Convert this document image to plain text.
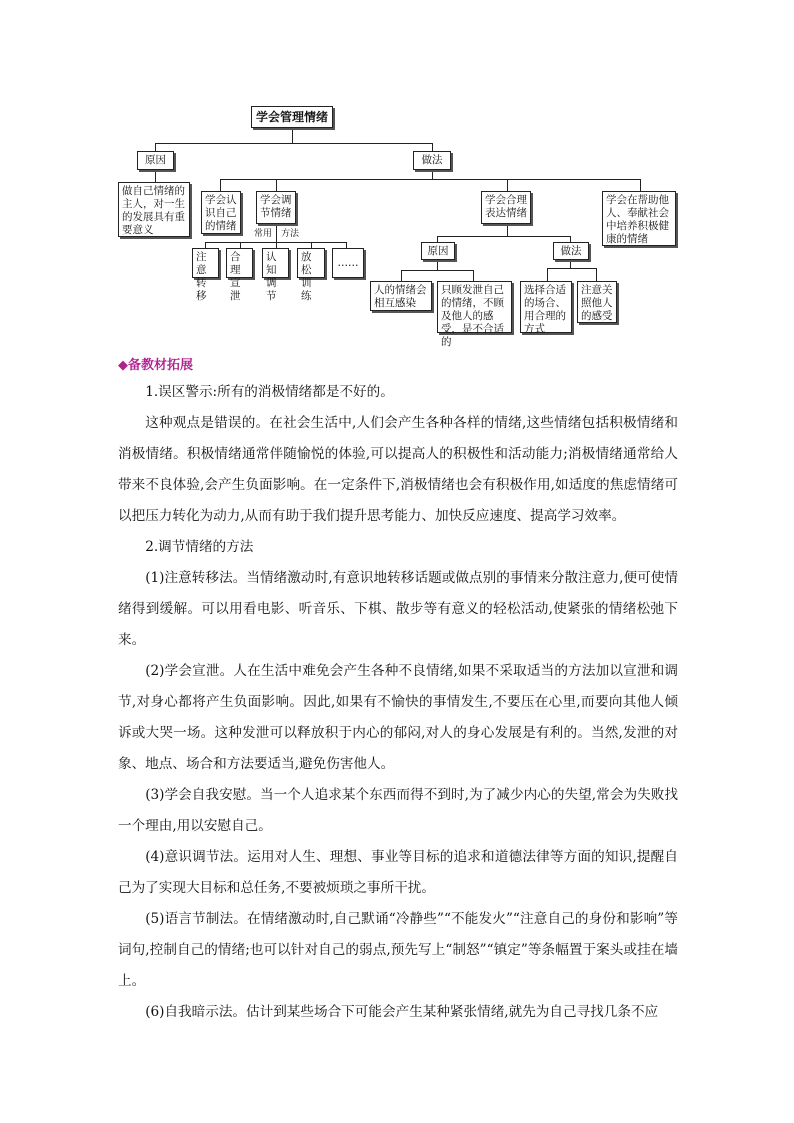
学会管理情绪
原因
做自己情绪的主人，对一生的发展具有重要意义
做法
学会认识自己的情绪
学会调节情绪
常用 方法
注意转移
合理宣泄
认知调节
放松训练
……
学会合理表达情绪
学会在帮助他人、奉献社会中培养积极健康的情绪
原因	做法
人的情绪会相互感染
只顾发泄自己的情绪，不顾及他人的感受，是不合适的
选择合适的场合、用合理的方式
注意关照他人的感受
◆备教材拓展

1.误区警示:所有的消极情绪都是不好的。

这种观点是错误的。在社会生活中,人们会产生各种各样的情绪,这些情绪包括积极情绪和消极情绪。积极情绪通常伴随愉悦的体验,可以提高人的积极性和活动能力;消极情绪通常给人带来不良体验,会产生负面影响。在一定条件下,消极情绪也会有积极作用,如适度的焦虑情绪可以把压力转化为动力,从而有助于我们提升思考能力、加快反应速度、提高学习效率。

2.调节情绪的方法

(1)注意转移法。当情绪激动时,有意识地转移话题或做点别的事情来分散注意力,便可使情绪得到缓解。可以用看电影、听音乐、下棋、散步等有意义的轻松活动,使紧张的情绪松弛下来。

(2)学会宣泄。人在生活中难免会产生各种不良情绪,如果不采取适当的方法加以宣泄和调节,对身心都将产生负面影响。因此,如果有不愉快的事情发生,不要压在心里,而要向其他人倾诉或大哭一场。这种发泄可以释放积于内心的郁闷,对人的身心发展是有利的。当然,发泄的对象、地点、场合和方法要适当,避免伤害他人。

(3)学会自我安慰。当一个人追求某个东西而得不到时,为了减少内心的失望,常会为失败找一个理由,用以安慰自己。

(4)意识调节法。运用对人生、理想、事业等目标的追求和道德法律等方面的知识,提醒自己为了实现大目标和总任务,不要被烦琐之事所干扰。

(5)语言节制法。在情绪激动时,自己默诵“冷静些”“不能发火”“注意自己的身份和影响”等词句,控制自己的情绪;也可以针对自己的弱点,预先写上“制怒”“镇定”等条幅置于案头或挂在墙上。

(6)自我暗示法。估计到某些场合下可能会产生某种紧张情绪,就先为自己寻找几条不应
